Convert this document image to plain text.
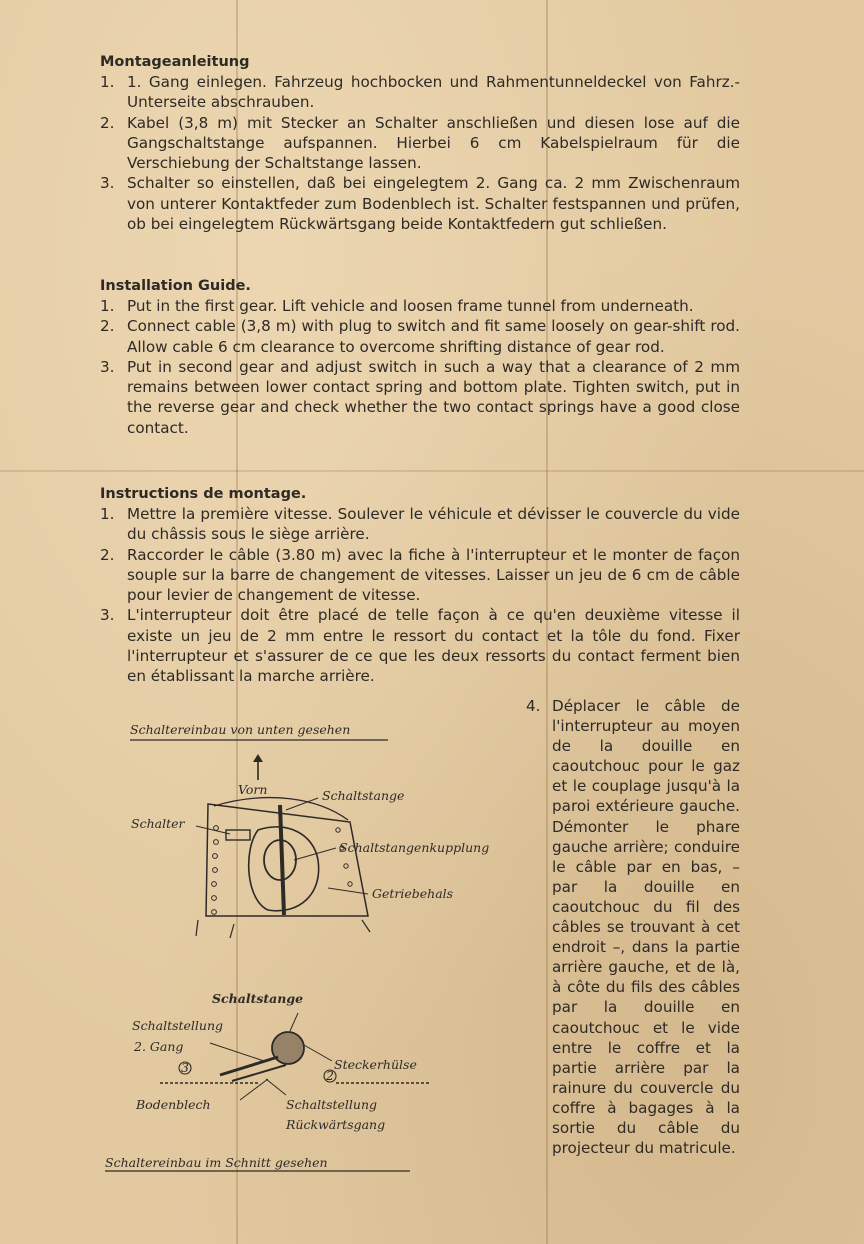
Montageanleitung
1. 1. Gang einlegen. Fahrzeug hochbocken und Rahmentunneldeckel von Fahrz.-Unterseite abschrauben.
2. Kabel (3,8 m) mit Stecker an Schalter anschließen und diesen lose auf die Gangschaltstange aufspannen. Hierbei 6 cm Kabelspielraum für die Verschiebung der Schaltstange lassen.
3. Schalter so einstellen, daß bei eingelegtem 2. Gang ca. 2 mm Zwischenraum von unterer Kontaktfeder zum Bodenblech ist. Schalter festspannen und prüfen, ob bei eingelegtem Rückwärtsgang beide Kontaktfedern gut schließen.
Installation Guide.
1. Put in the first gear. Lift vehicle and loosen frame tunnel from underneath.
2. Connect cable (3,8 m) with plug to switch and fit same loosely on gear-shift rod. Allow cable 6 cm clearance to overcome shrifting distance of gear rod.
3. Put in second gear and adjust switch in such a way that a clearance of 2 mm remains between lower contact spring and bottom plate. Tighten switch, put in the reverse gear and check whether the two contact springs have a good close contact.
Instructions de montage.
1. Mettre la première vitesse. Soulever le véhicule et dévisser le couvercle du vide du châssis sous le siège arrière.
2. Raccorder le câble (3.80 m) avec la fiche à l'interrupteur et le monter de façon souple sur la barre de changement de vitesses. Laisser un jeu de 6 cm de câble pour levier de changement de vitesse.
3. L'interrupteur doit être placé de telle façon à ce qu'en deuxième vitesse il existe un jeu de 2 mm entre le ressort du contact et la tôle du fond. Fixer l'interrupteur et s'assurer de ce que les deux ressorts du contact ferment bien en établissant la marche arrière.
4. Déplacer le câble de l'interrupteur au moyen de la douille en caoutchouc pour le gaz et le couplage jusqu'à la paroi extérieure gauche. Démonter le phare gauche arrière; conduire le câble par en bas, – par la douille en caoutchouc du fil des câbles se trouvant à cet endroit –, dans la partie arrière gauche, et de là, à côte du fils des câbles par la douille en caoutchouc et le vide entre le coffre et la partie arrière par la rainure du couvercle du coffre à bagages à la sortie du câble du projecteur du matricule.
Schaltereinbau von unten gesehen
Vorn	Schaltstange
Schalter
Schaltstangenkupplung
Getriebehals
Schaltstange
Schaltstellung
2. Gang
3
2
Steckerhülse
Bodenblech	Schaltstellung
Rückwärtsgang
Schaltereinbau im Schnitt gesehen
